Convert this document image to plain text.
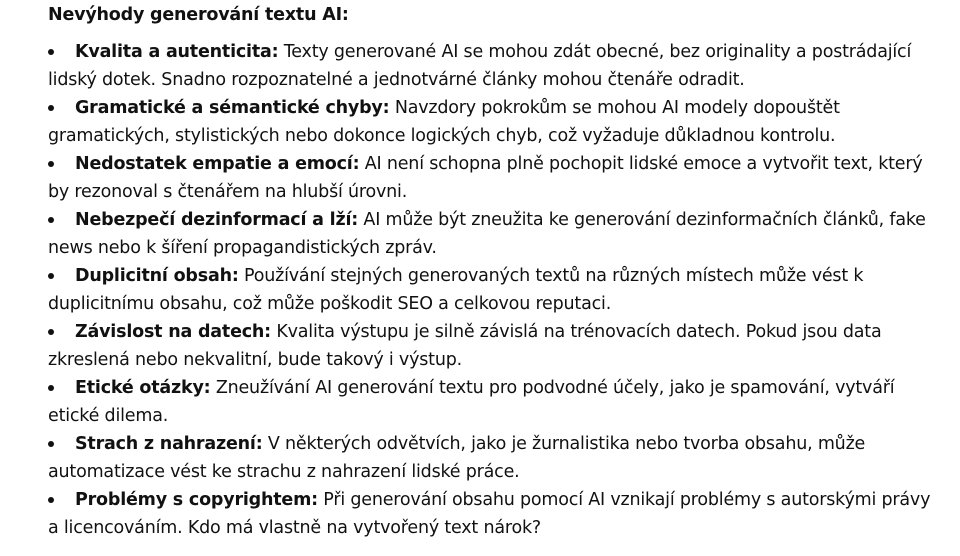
Nevýhody generování textu AI:
Kvalita a autenticita: Texty generované AI se mohou zdát obecné, bez originality a postrádající lidský dotek. Snadno rozpoznatelné a jednotvárné články mohou čtenáře odradit.
Gramatické a sémantické chyby: Navzdory pokrokům se mohou AI modely dopouštět gramatických, stylistických nebo dokonce logických chyb, což vyžaduje důkladnou kontrolu.
Nedostatek empatie a emocí: AI není schopna plně pochopit lidské emoce a vytvořit text, který by rezonoval s čtenářem na hlubší úrovni.
Nebezpečí dezinformací a lží: AI může být zneužita ke generování dezinformačních článků, fake news nebo k šíření propagandistických zpráv.
Duplicitní obsah: Používání stejných generovaných textů na různých místech může vést k duplicitnímu obsahu, což může poškodit SEO a celkovou reputaci.
Závislost na datech: Kvalita výstupu je silně závislá na trénovacích datech. Pokud jsou data zkreslená nebo nekvalitní, bude takový i výstup.
Etické otázky: Zneužívání AI generování textu pro podvodné účely, jako je spamování, vytváří etické dilema.
Strach z nahrazení: V některých odvětvích, jako je žurnalistika nebo tvorba obsahu, může automatizace vést ke strachu z nahrazení lidské práce.
Problémy s copyrightem: Při generování obsahu pomocí AI vznikají problémy s autorskými právy a licencováním. Kdo má vlastně na vytvořený text nárok?
